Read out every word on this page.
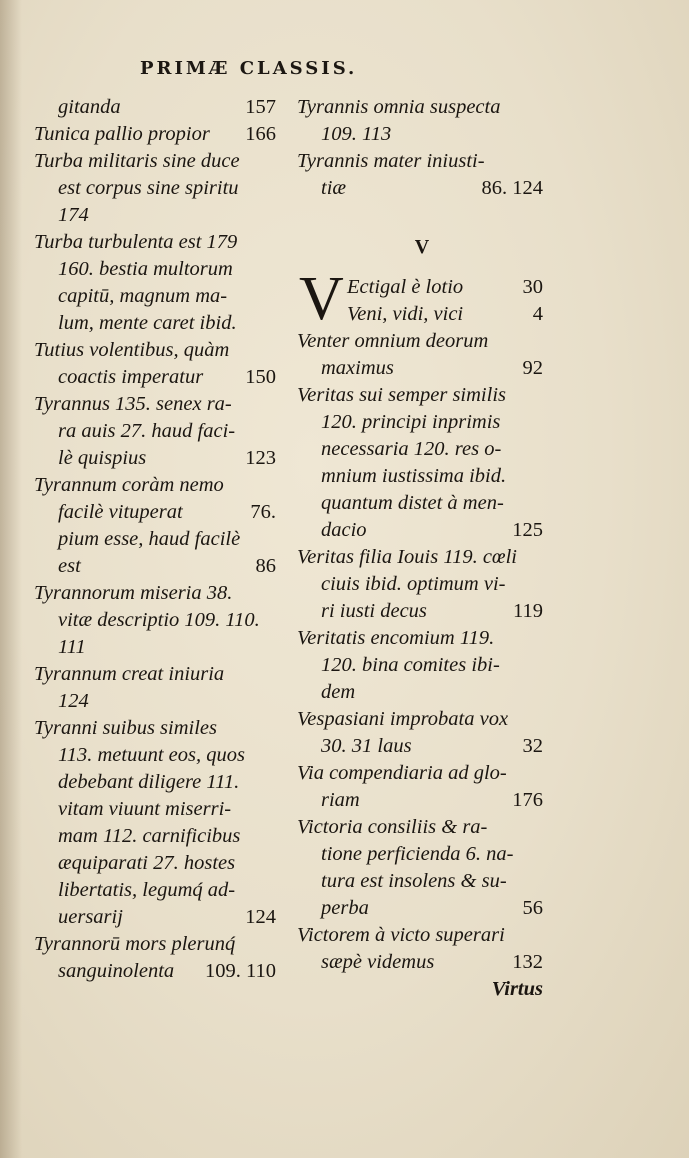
PRIMÆ CLASSIS.
gitanda	157
Tunica pallio propior 166
Turba militaris sine duce
est corpus sine spiritu
174
Turba turbulenta est 179
160. bestia multorum
capitū, magnum ma-
lum, mente caret ibid.
Tutius volentibus, quàm
coactis imperatur 150
Tyrannus 135. senex ra-
ra auis 27. haud faci-
lè quispius	123
Tyrannum coràm nemo
facilè vituperat	76.
pium esse, haud facilè
est	86
Tyrannorum miseria 38.
vitæ descriptio 109. 110.
111
Tyrannum creat iniuria
124
Tyranni suibus similes
113. metuunt eos, quos
debebant diligere 111.
vitam viuunt miserri-
mam 112. carnificibus
æquiparati 27. hostes
libertatis, legumq́ ad-
uersarij	124
Tyrannorū mors plerunq́
sanguinolenta 109. 110
Tyrannis omnia suspecta
109. 113
Tyrannis mater iniusti-
tiæ	86. 124
V
V Ectigal è lotio	30
Veni, vidi, vici	4
Venter omnium deorum
maximus	92
Veritas sui semper similis
120. principi inprimis
necessaria 120. res o-
mnium iustissima ibid.
quantum distet à men-
dacio	125
Veritas filia Iouis 119. cœli
ciuis ibid. optimum vi-
ri iusti decus	119
Veritatis encomium 119.
120. bina comites ibi-
dem
Vespasiani improbata vox
30. 31 laus	32
Via compendiaria ad glo-
riam	176
Victoria consiliis & ra-
tione perficienda 6. na-
tura est insolens & su-
perba	56
Victorem à victo superari
sæpè videmus	132
Virtus
